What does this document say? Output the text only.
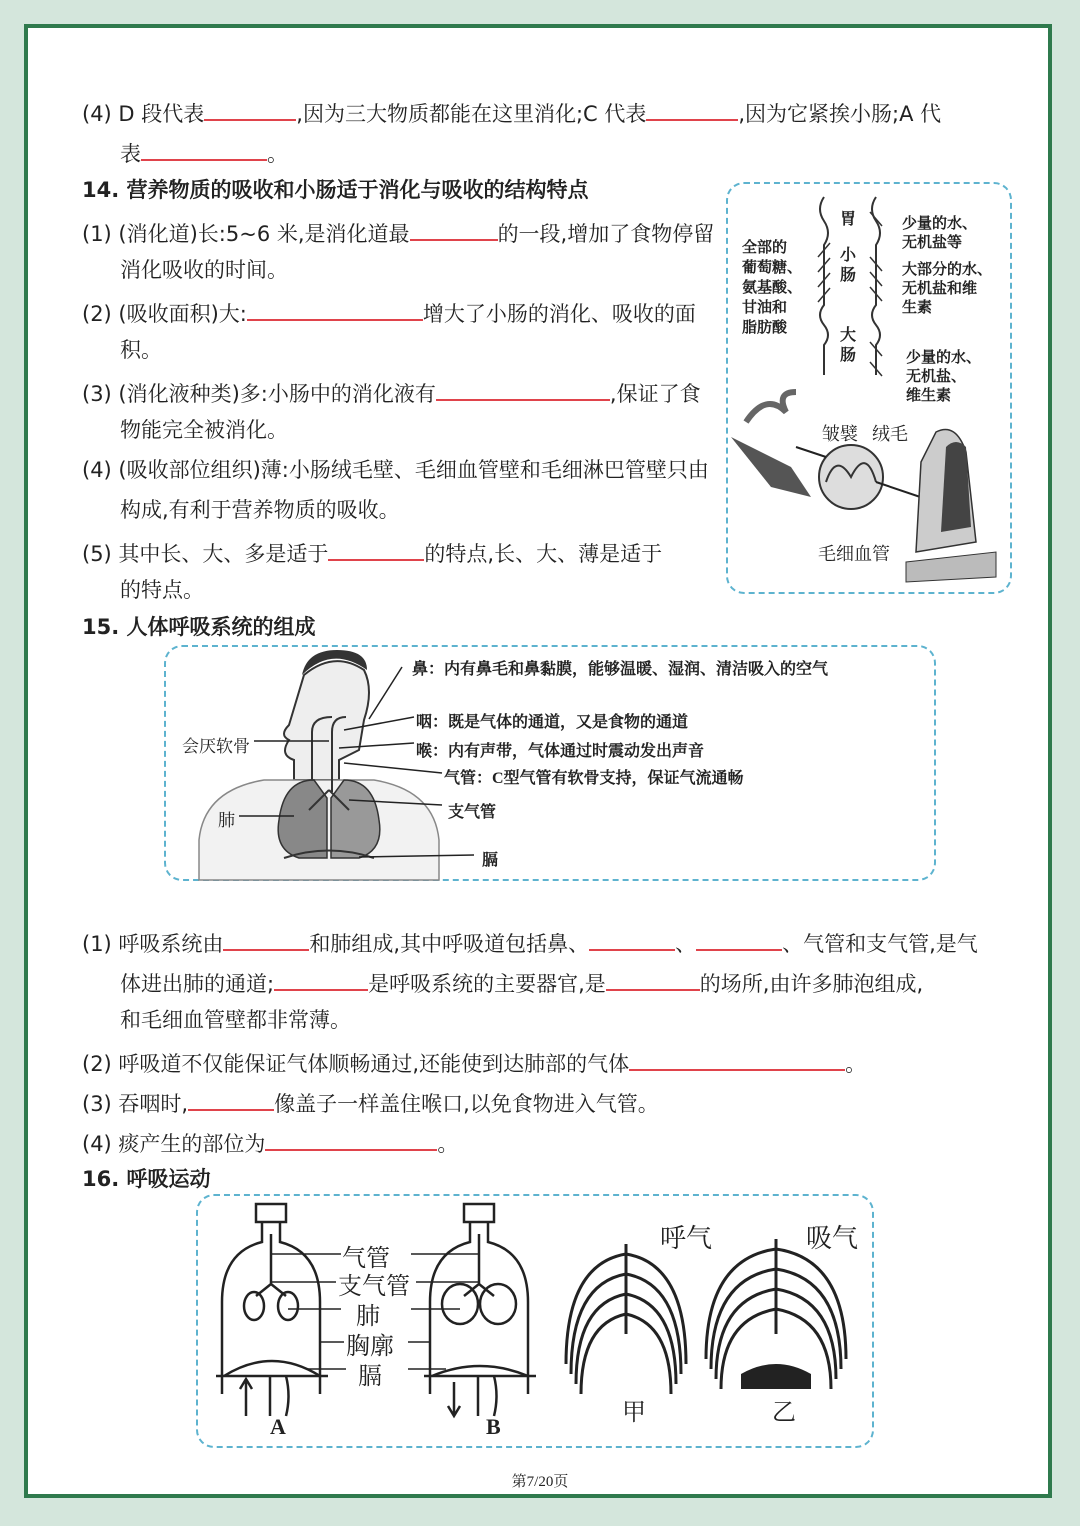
(4) D 段代表	,因为三大物质都能在这里消化;C 代表	,因为它紧挨小肠;A 代
表	。
14. 营养物质的吸收和小肠适于消化与吸收的结构特点
(1) (消化道)长:5~6 米,是消化道最	的一段,增加了食物停留
消化吸收的时间。
(2) (吸收面积)大:	增大了小肠的消化、吸收的面
积。
(3) (消化液种类)多:小肠中的消化液有	,保证了食
物能完全被消化。
(4) (吸收部位组织)薄:小肠绒毛壁、毛细血管壁和毛细淋巴管壁只由
构成,有利于营养物质的吸收。
(5) 其中长、大、多是适于	的特点,长、大、薄是适于
的特点。
胃
小
肠
大
肠
全部的
葡萄糖、
氨基酸、
甘油和
脂肪酸
少量的水、
无机盐等
大部分的水、
无机盐和维
生素
少量的水、
无机盐、
维生素
皱襞 绒毛
毛细血管
15. 人体呼吸系统的组成
鼻：内有鼻毛和鼻黏膜，能够温暖、湿润、清洁吸入的空气
咽：既是气体的通道，又是食物的通道
喉：内有声带，气体通过时震动发出声音
气管：C型气管有软骨支持，保证气流通畅
支气管
膈
会厌软骨
肺
(1) 呼吸系统由	和肺组成,其中呼吸道包括鼻、	、	、气管和支气管,是气
体进出肺的通道;	是呼吸系统的主要器官,是	的场所,由许多肺泡组成,
和毛细血管壁都非常薄。
(2) 呼吸道不仅能保证气体顺畅通过,还能使到达肺部的气体	。
(3) 吞咽时,	像盖子一样盖住喉口,以免食物进入气管。
(4) 痰产生的部位为	。
16. 呼吸运动
气管
支气管
肺
胸廓
膈
A	B
呼气	吸气
甲	乙
第7/20页
